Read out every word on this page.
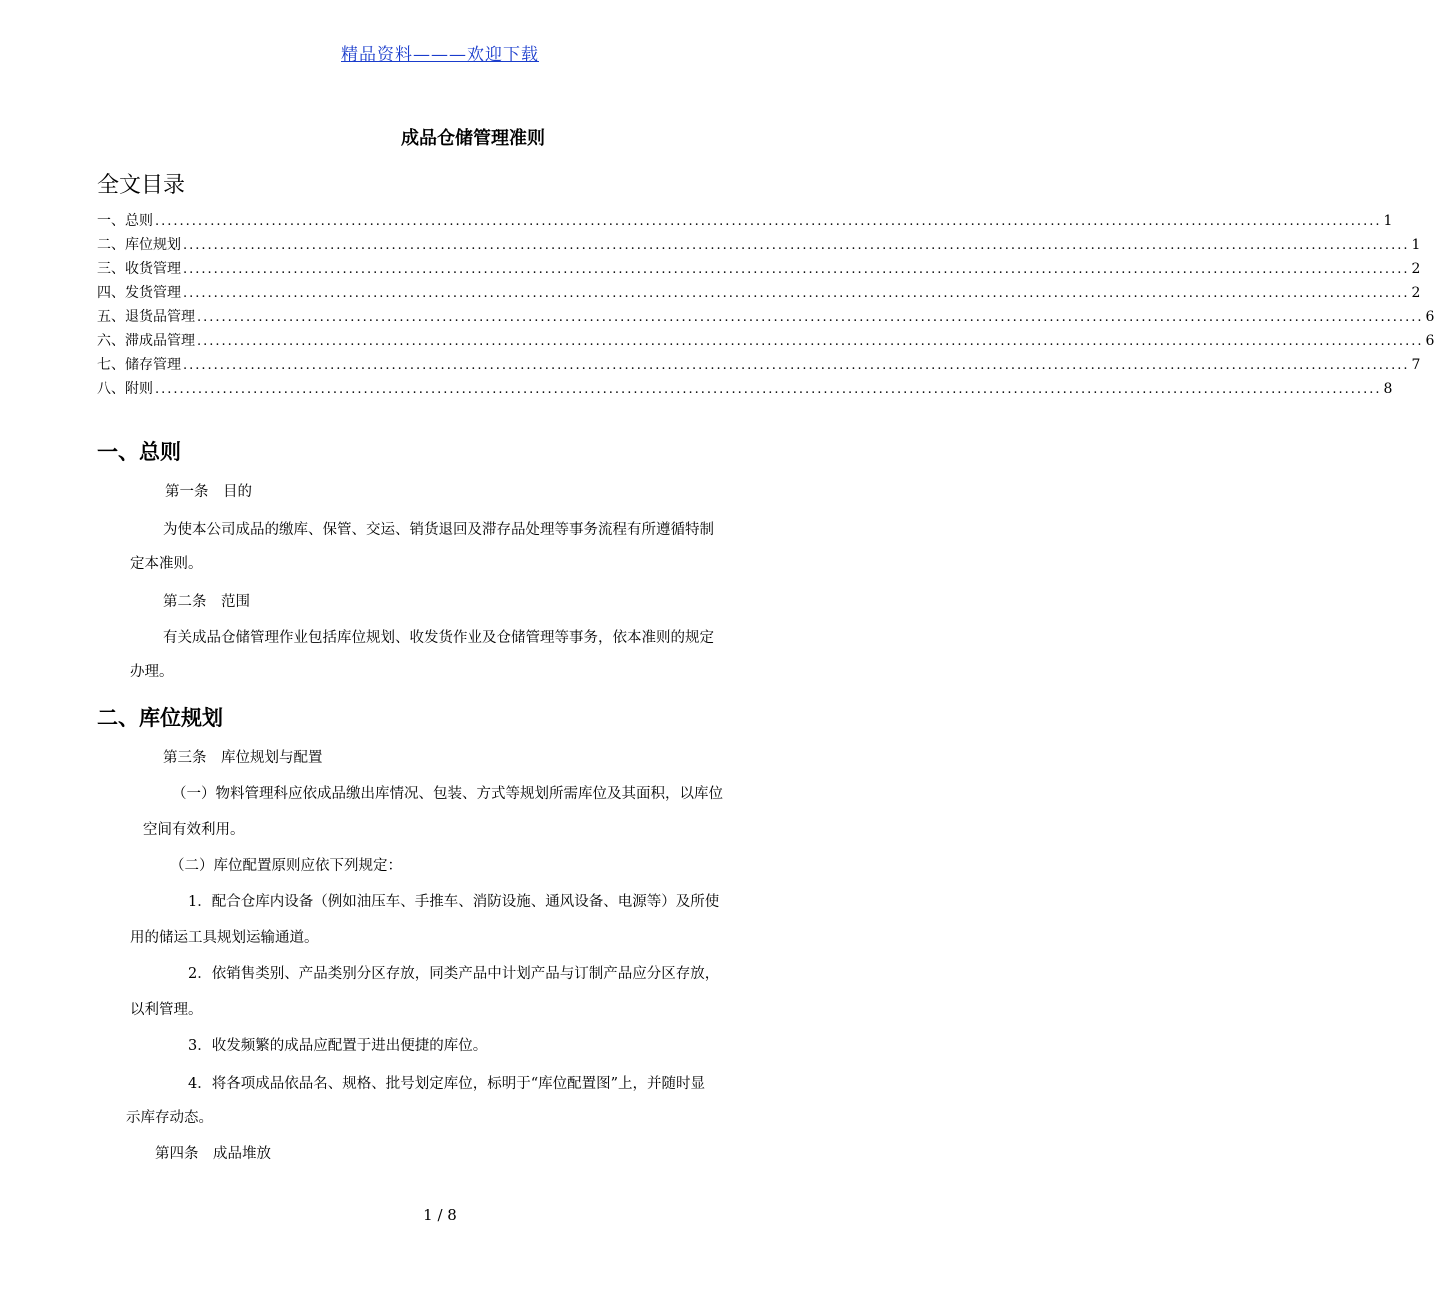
精品资料———欢迎下载
成品仓储管理准则
全文目录
一、总则 ........................................................................................................................................................................................................ 1
二、库位规划 ........................................................................................................................................................................................................ 1
三、收货管理 ........................................................................................................................................................................................................ 2
四、发货管理 ........................................................................................................................................................................................................ 2
五、退货品管理 ........................................................................................................................................................................................................ 6
六、滞成品管理 ........................................................................................................................................................................................................ 6
七、储存管理 ........................................................................................................................................................................................................ 7
八、附则 ........................................................................................................................................................................................................ 8
一、总则
第一条　目的
为使本公司成品的缴库、保管、交运、销货退回及滞存品处理等事务流程有所遵循特制
定本准则。
第二条　范围
有关成品仓储管理作业包括库位规划、收发货作业及仓储管理等事务，依本准则的规定
办理。
二、库位规划
第三条　库位规划与配置
（一）物料管理科应依成品缴出库情况、包装、方式等规划所需库位及其面积，以库位
空间有效利用。
（二）库位配置原则应依下列规定：
1．配合仓库内设备（例如油压车、手推车、消防设施、通风设备、电源等）及所使
用的储运工具规划运输通道。
2．依销售类别、产品类别分区存放，同类产品中计划产品与订制产品应分区存放，
以利管理。
3．收发频繁的成品应配置于进出便捷的库位。
4．将各项成品依品名、规格、批号划定库位，标明于“库位配置图”上，并随时显
示库存动态。
第四条　成品堆放
1 / 8
